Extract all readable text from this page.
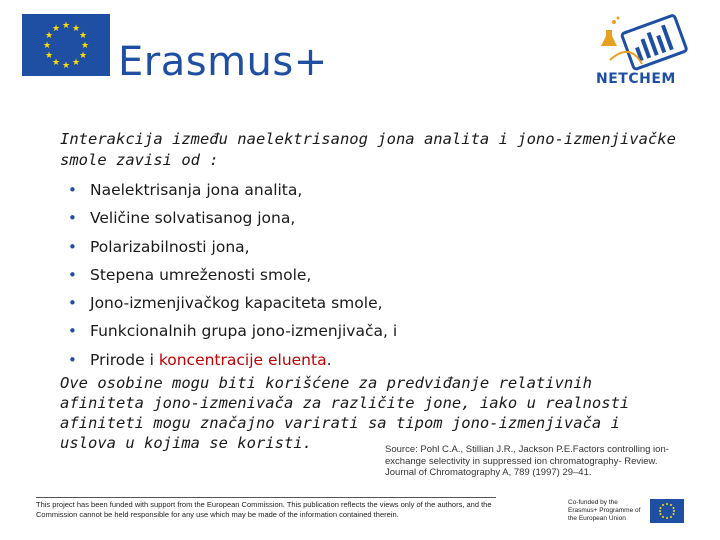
★ ★
★
★
★
★
★
★
★
★
★
★
Erasmus+	NETCHEM
Interakcija između naelektrisanog jona analita i jono-izmenjivačke smole zavisi od :
• Naelektrisanja jona analita,
• Veličine solvatisanog jona,
• Polarizabilnosti jona,
• Stepena umreženosti smole,
• Jono-izmenjivačkog kapaciteta smole,
• Funkcionalnih grupa jono-izmenjivača, i
• Prirode i koncentracije eluenta.
Ove osobine mogu biti korišćene za predviđanje relativnih afiniteta jono-izmenivača za različite jone, iako u realnosti afiniteti mogu značajno varirati sa tipom jono-izmenjivača i uslova u kojima se koristi.	Source: Pohl C.A., Stillian J.R., Jackson P.E.Factors controlling ion-exchange selectivity in suppressed ion chromatography- Review. Journal of Chromatography A, 789 (1997) 29–41.
This project has been funded with support from the European Commission. This publication reflects the views only of the authors, and the Commission cannot be held responsible for any use which may be made of the information contained therein.
Co-funded by the Erasmus+ Programme of the European Union
